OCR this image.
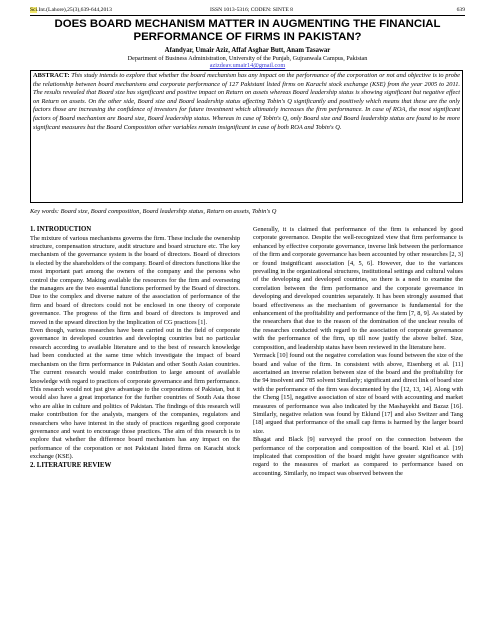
Sci.Int.(Lahore),25(3),639-644,2013	ISSN 1013-5316; CODEN: SINTE 8	639
DOES BOARD MECHANISM MATTER IN AUGMENTING THE FINANCIAL PERFORMANCE OF FIRMS IN PAKISTAN?
Afandyar, Umair Aziz, Affaf Asghar Butt, Anam Tasawar
Department of Business Administration, University of the Punjab, Gujranwala Campus, Pakistan
azizdeav.umair14@gmail.com
ABSTRACT: This study intends to explore that whether the board mechanism has any impact on the performance of the corporation or not and objective is to probe the relationship between board mechanisms and corporate performance of 127 Pakistani listed firms on Karachi stock exchange (KSE) from the year 2005 to 2011. The results revealed that Board size has significant and positive impact on Return on assets whereas Board leadership status is showing significant but negative effect on Return on assets. On the other side, Board size and Board leadership status affecting Tobin's Q significantly and positively which means that these are the only factors those are increasing the confidence of investors for future investment which ultimately increases the firm performance. In case of ROA, the most significant factors of Board mechanism are Board size, Board leadership status. Whereas in case of Tobin's Q, only Board size and Board leadership status are found to be more significant measures but the Board Composition other variables remain insignificant in case of both ROA and Tobin's Q.
Key words: Board size, Board composition, Board leadership status, Return on assets, Tobin's Q
1. INTRODUCTION

The mixture of various mechanisms governs the firm. These include the ownership structure, compensation structure, audit structure and board structure etc. The key mechanism of the governance system is the board of directors. Board of directors is elected by the shareholders of the company. Board of directors functions like the most important part among the owners of the company and the persons who control the company. Making available the resources for the firm and overseeing the managers are the two essential functions performed by the Board of directors. Due to the complex and diverse nature of the association of performance of the firm and board of directors could not be enclosed in one theory of corporate governance. The progress of the firm and board of directors is improved and moved in the upward direction by the Implication of CG practices [1].

Even though, various researches have been carried out in the field of corporate governance in developed countries and developing countries but no particular research according to available literature and to the best of research knowledge had been conducted at the same time which investigate the impact of board mechanism on the firm performance in Pakistan and other South Asian countries. The current research would make contribution to large amount of available knowledge with regard to practices of corporate governance and firm performance. This research would not just give advantage to the corporations of Pakistan, but it would also have a great importance for the further countries of South Asia those who are alike in culture and politics of Pakistan. The findings of this research will make contribution for the analysts, mangers of the companies, regulators and researchers who have interest in the study of practices regarding good corporate governance and want to encourage those practices. The aim of this research is to explore that whether the difference board mechanism has any impact on the performance of the corporation or not Pakistani listed firms on Karachi stock exchange (KSE).

2. LITERATURE REVIEW

Generally, it is claimed that performance of the firm is enhanced by good corporate governance. Despite the well-recognized view that firm performance is enhanced by effective corporate governance, inverse link between the performance of the firm and corporate governance has been accounted by other researches [2, 3] or found insignificant association [4, 5, 6]. However, due to the variances prevailing in the organizational structures, institutional settings and cultural values of the developing and developed countries, so there is a need to examine the correlation between the firm performance and the corporate governance in developing and developed countries separately. It has been strongly assumed that board effectiveness as the mechanism of governance is fundamental for the enhancement of the profitability and performance of the firm [7, 8, 9]. As stated by the researchers that due to the reason of the domination of the unclear results of the researches conducted with regard to the association of corporate governance with the performance of the firm, up till now justify the above belief. Size, composition, and leadership status have been reviewed in the literature here.

Yermack [10] found out the negative correlation was found between the size of the board and value of the firm. In consistent with above, Eisenberg et al. [11] ascertained an inverse relation between size of the board and the profitability for the 94 insolvent and 785 solvent Similarly; significant and direct link of board size with the performance of the firm was documented by the [12, 13, 14]. Along with the Cheng [15], negative association of size of board with accounting and market measures of performance was also indicated by the Mashayekhi and Bazaz [16]. Similarly, negative relation was found by Eklund [17] and also Switzer and Tang [18] argued that performance of the small cap firms is harmed by the larger board size.

Bhagat and Black [9] surveyed the proof on the connection between the performance of the corporation and composition of the board. Kiel et al. [19] implicated that composition of the board might have greater significance with regard to the measures of market as compared to performance based on accounting. Similarly, no impact was observed between the
